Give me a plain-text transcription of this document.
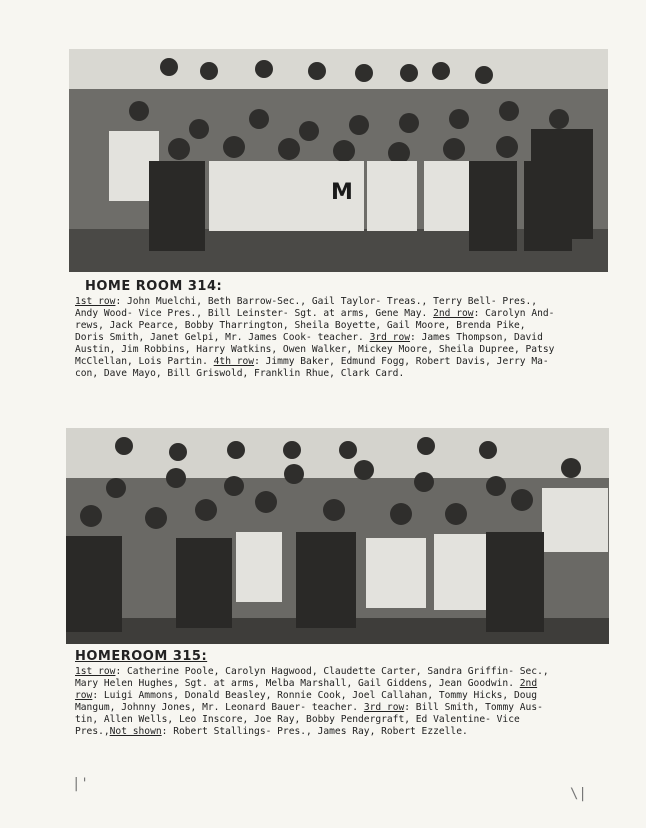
M
HOME ROOM 314:
1st row: John Muelchi, Beth Barrow-Sec., Gail Taylor- Treas., Terry Bell- Pres.,
Andy Wood- Vice Pres., Bill Leinster- Sgt. at arms, Gene May. 2nd row: Carolyn And-
rews, Jack Pearce, Bobby Tharrington, Sheila Boyette, Gail Moore, Brenda Pike,
Doris Smith, Janet Gelpi, Mr. James Cook- teacher. 3rd row: James Thompson, David
Austin, Jim Robbins, Harry Watkins, Owen Walker, Mickey Moore, Sheila Dupree, Patsy
McClellan, Lois Partin. 4th row: Jimmy Baker, Edmund Fogg, Robert Davis, Jerry Ma-
con, Dave Mayo, Bill Griswold, Franklin Rhue, Clark Card.
HOMEROOM 315:
1st row: Catherine Poole, Carolyn Hagwood, Claudette Carter, Sandra Griffin- Sec.,
Mary Helen Hughes, Sgt. at arms, Melba Marshall, Gail Giddens, Jean Goodwin. 2nd
row: Luigi Ammons, Donald Beasley, Ronnie Cook, Joel Callahan, Tommy Hicks, Doug
Mangum, Johnny Jones, Mr. Leonard Bauer- teacher. 3rd row: Bill Smith, Tommy Aus-
tin, Allen Wells, Leo Inscore, Joe Ray, Bobby Pendergraft, Ed Valentine- Vice
Pres.,Not shown: Robert Stallings- Pres., James Ray, Robert Ezzelle.
|'
\|
